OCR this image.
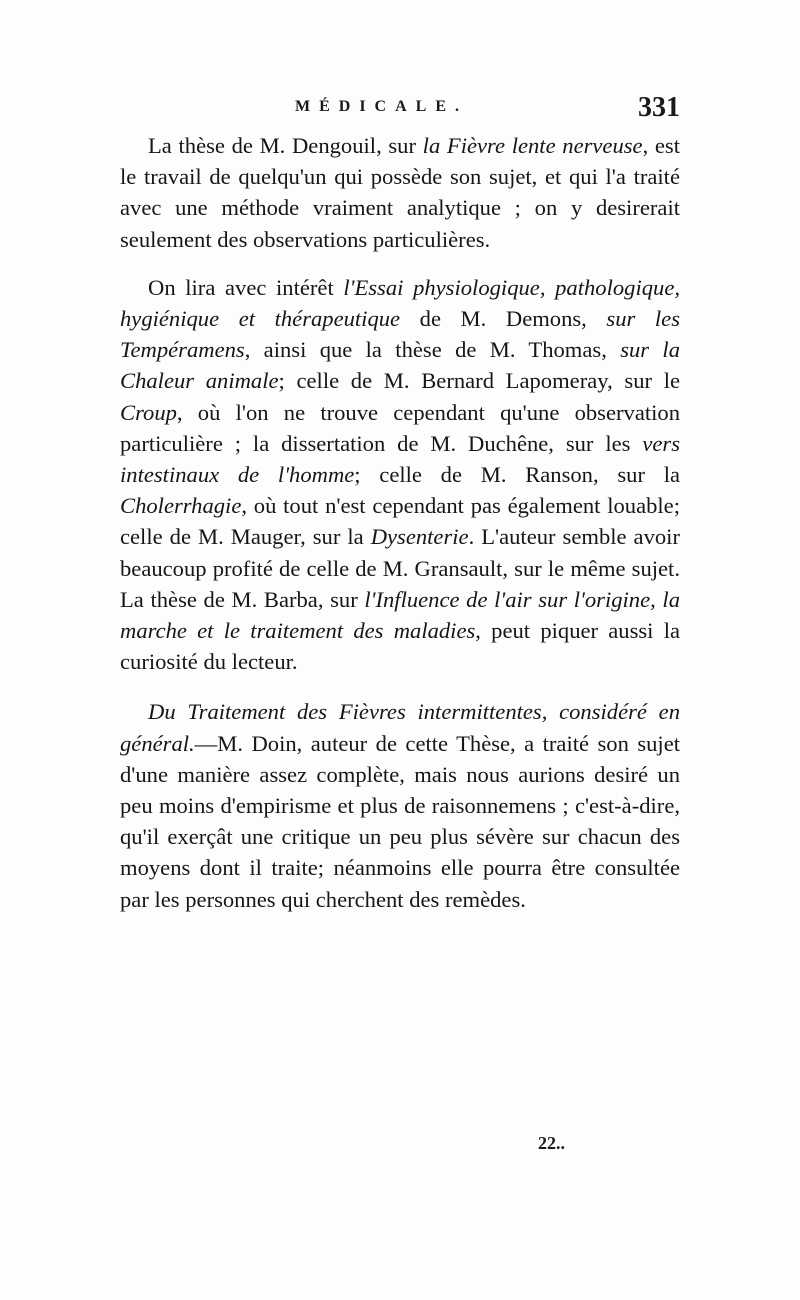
MÉDICALE.	331

La thèse de M. Dengouil, sur la Fièvre lente nerveuse, est le travail de quelqu'un qui possède son sujet, et qui l'a traité avec une méthode vraiment analytique ; on y desirerait seulement des observations particulières.

On lira avec intérêt l'Essai physiologique, pathologique, hygiénique et thérapeutique de M. Demons, sur les Tempéramens, ainsi que la thèse de M. Thomas, sur la Chaleur animale; celle de M. Bernard Lapomeray, sur le Croup, où l'on ne trouve cependant qu'une observation particulière ; la dissertation de M. Duchêne, sur les vers intestinaux de l'homme; celle de M. Ranson, sur la Cholerrhagie, où tout n'est cependant pas également louable; celle de M. Mauger, sur la Dysenterie. L'auteur semble avoir beaucoup profité de celle de M. Gransault, sur le même sujet. La thèse de M. Barba, sur l'Influence de l'air sur l'origine, la marche et le traitement des maladies, peut piquer aussi la curiosité du lecteur.

Du Traitement des Fièvres intermittentes, considéré en général.—M. Doin, auteur de cette Thèse, a traité son sujet d'une manière assez complète, mais nous aurions desiré un peu moins d'empirisme et plus de raisonnemens ; c'est-à-dire, qu'il exerçât une critique un peu plus sévère sur chacun des moyens dont il traite; néanmoins elle pourra être consultée par les personnes qui cherchent des remèdes.

22..
